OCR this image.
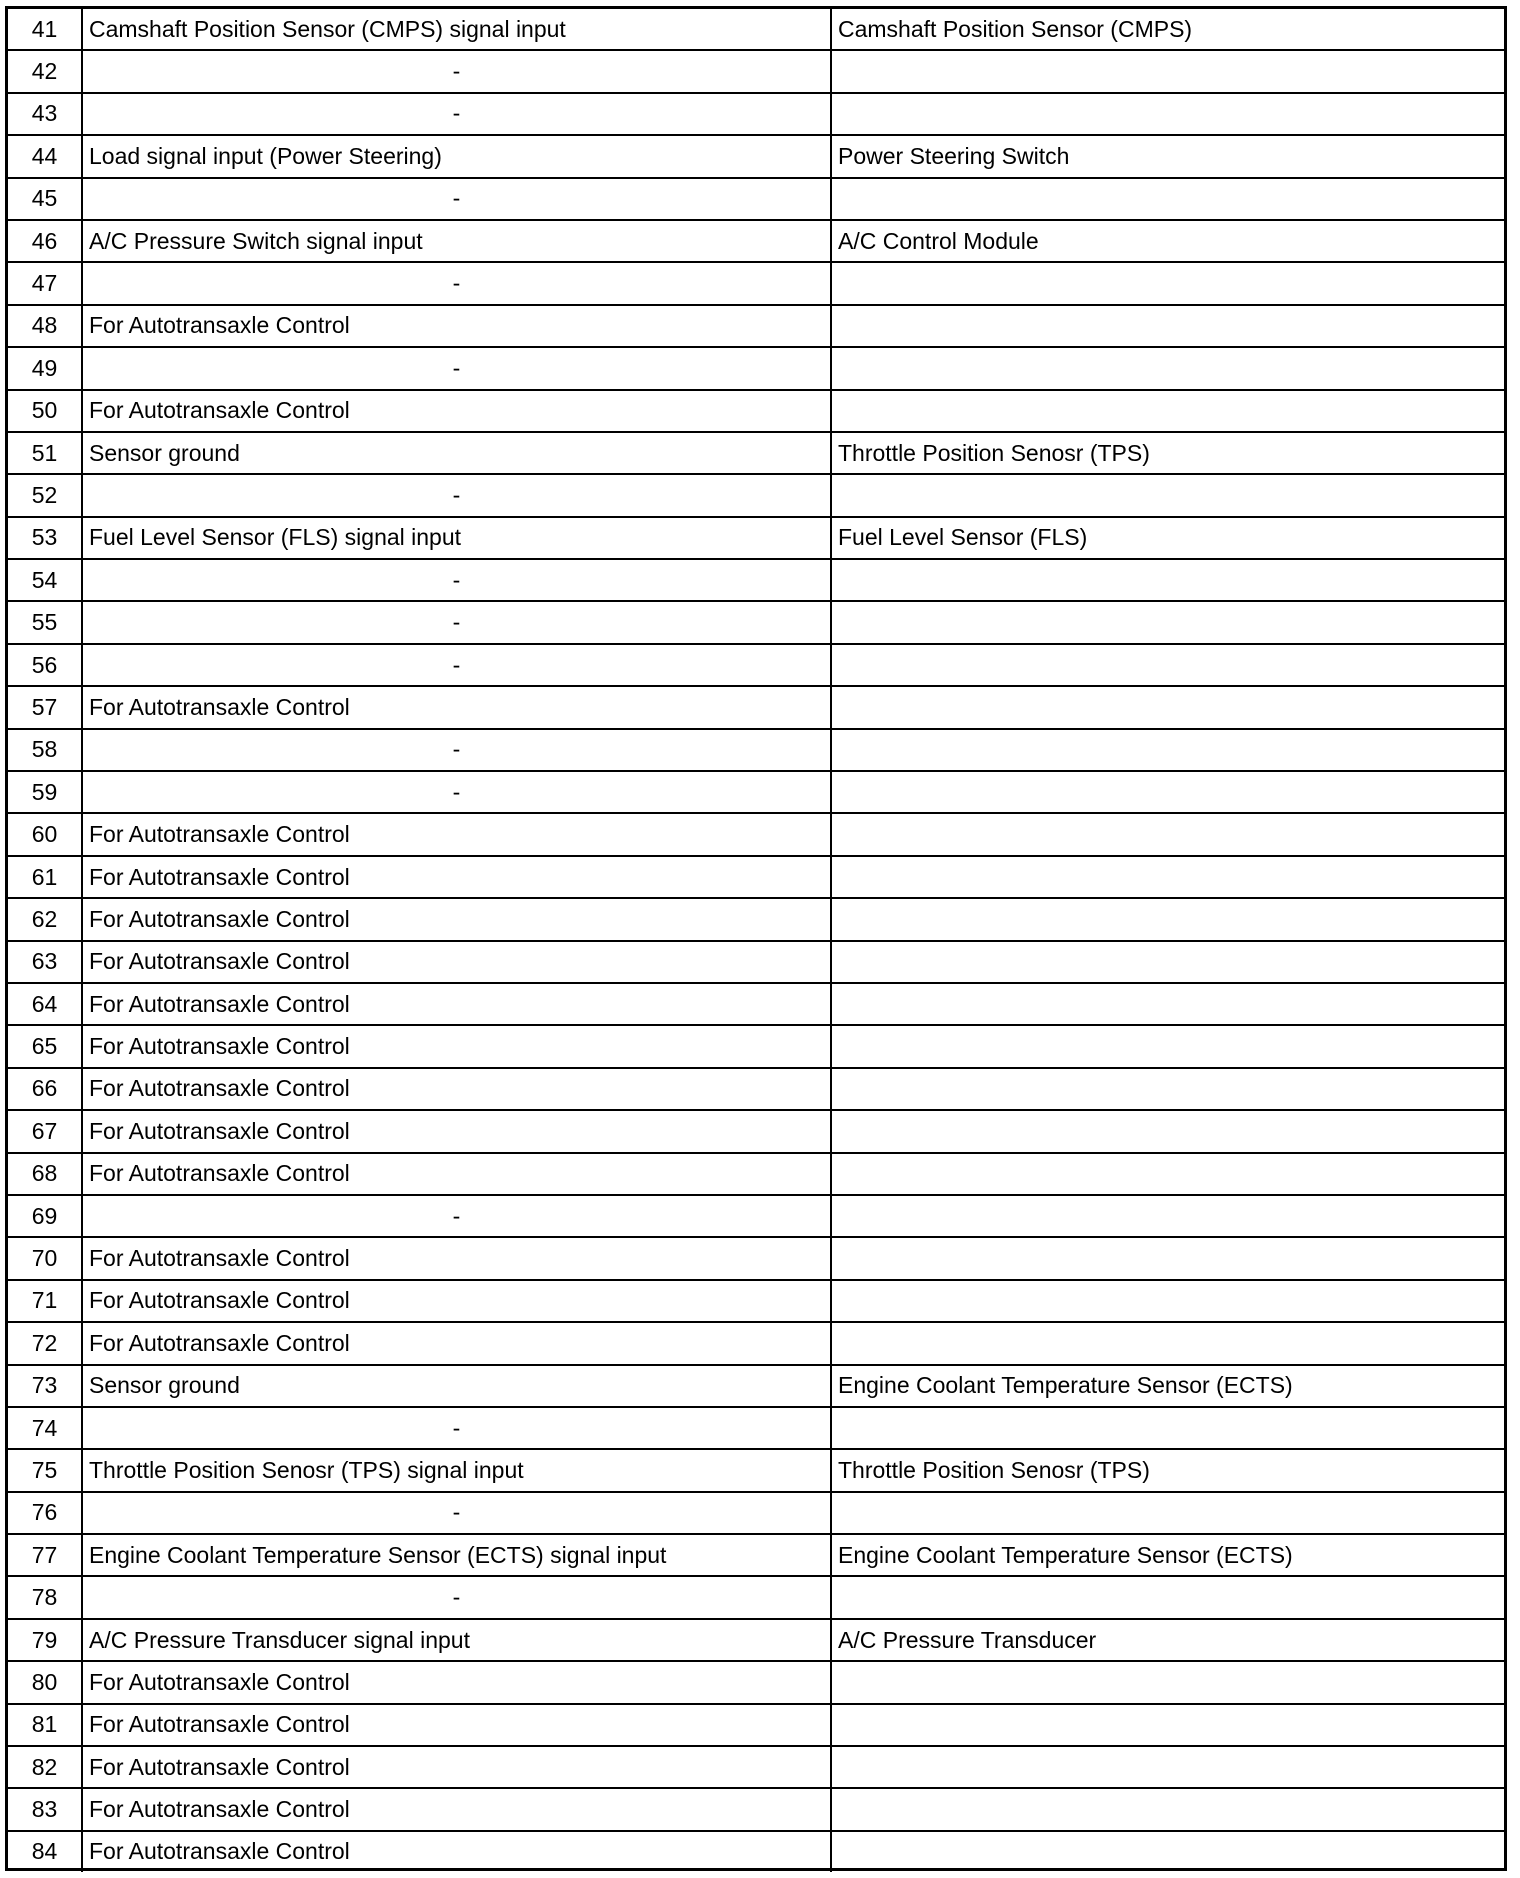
41	Camshaft Position Sensor (CMPS) signal input	Camshaft Position Sensor (CMPS)
42	-	
43	-	
44	Load signal input (Power Steering)	Power Steering Switch
45	-	
46	A/C Pressure Switch signal input	A/C Control Module
47	-	
48	For Autotransaxle Control	
49	-	
50	For Autotransaxle Control	
51	Sensor ground	Throttle Position Senosr (TPS)
52	-	
53	Fuel Level Sensor (FLS) signal input	Fuel Level Sensor (FLS)
54	-	
55	-	
56	-	
57	For Autotransaxle Control	
58	-	
59	-	
60	For Autotransaxle Control	
61	For Autotransaxle Control	
62	For Autotransaxle Control	
63	For Autotransaxle Control	
64	For Autotransaxle Control	
65	For Autotransaxle Control	
66	For Autotransaxle Control	
67	For Autotransaxle Control	
68	For Autotransaxle Control	
69	-	
70	For Autotransaxle Control	
71	For Autotransaxle Control	
72	For Autotransaxle Control	
73	Sensor ground	Engine Coolant Temperature Sensor (ECTS)
74	-	
75	Throttle Position Senosr (TPS) signal input	Throttle Position Senosr (TPS)
76	-	
77	Engine Coolant Temperature Sensor (ECTS) signal input	Engine Coolant Temperature Sensor (ECTS)
78	-	
79	A/C Pressure Transducer signal input	A/C Pressure Transducer
80	For Autotransaxle Control	
81	For Autotransaxle Control	
82	For Autotransaxle Control	
83	For Autotransaxle Control	
84	For Autotransaxle Control	
